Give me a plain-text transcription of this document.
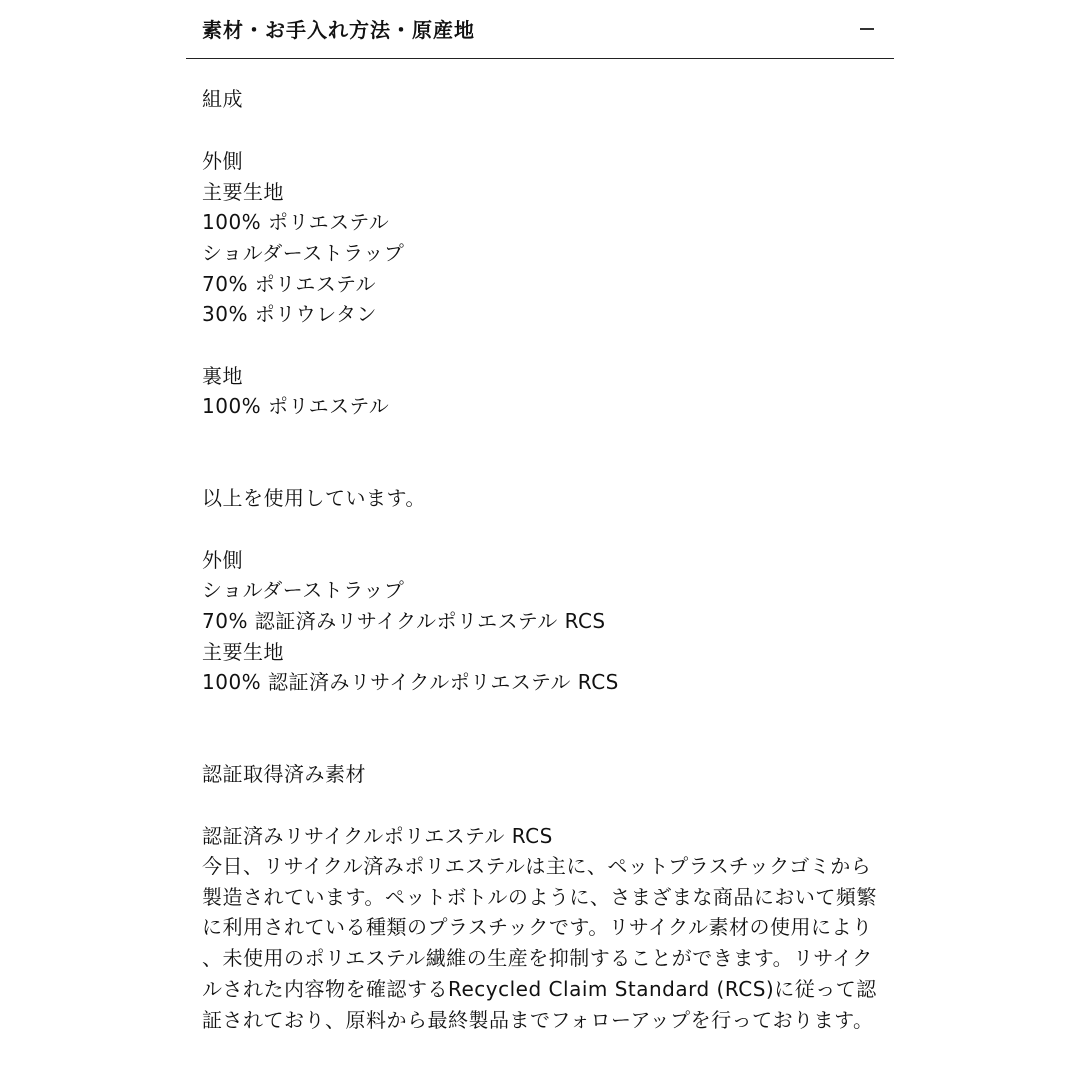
素材・お手入れ方法・原産地
組成
外側
主要生地
100% ポリエステル
ショルダーストラップ
70% ポリエステル
30% ポリウレタン
裏地
100% ポリエステル
以上を使用しています。
外側
ショルダーストラップ
70% 認証済みリサイクルポリエステル RCS
主要生地
100% 認証済みリサイクルポリエステル RCS
認証取得済み素材
認証済みリサイクルポリエステル RCS
今日、リサイクル済みポリエステルは主に、ペットプラスチックゴミから製造されています。ペットボトルのように、さまざまな商品において頻繁に利用されている種類のプラスチックです。リサイクル素材の使用により、未使用のポリエステル繊維の生産を抑制することができます。リサイクルされた内容物を確認するRecycled Claim Standard (RCS)に従って認証されており、原料から最終製品までフォローアップを行っております。
